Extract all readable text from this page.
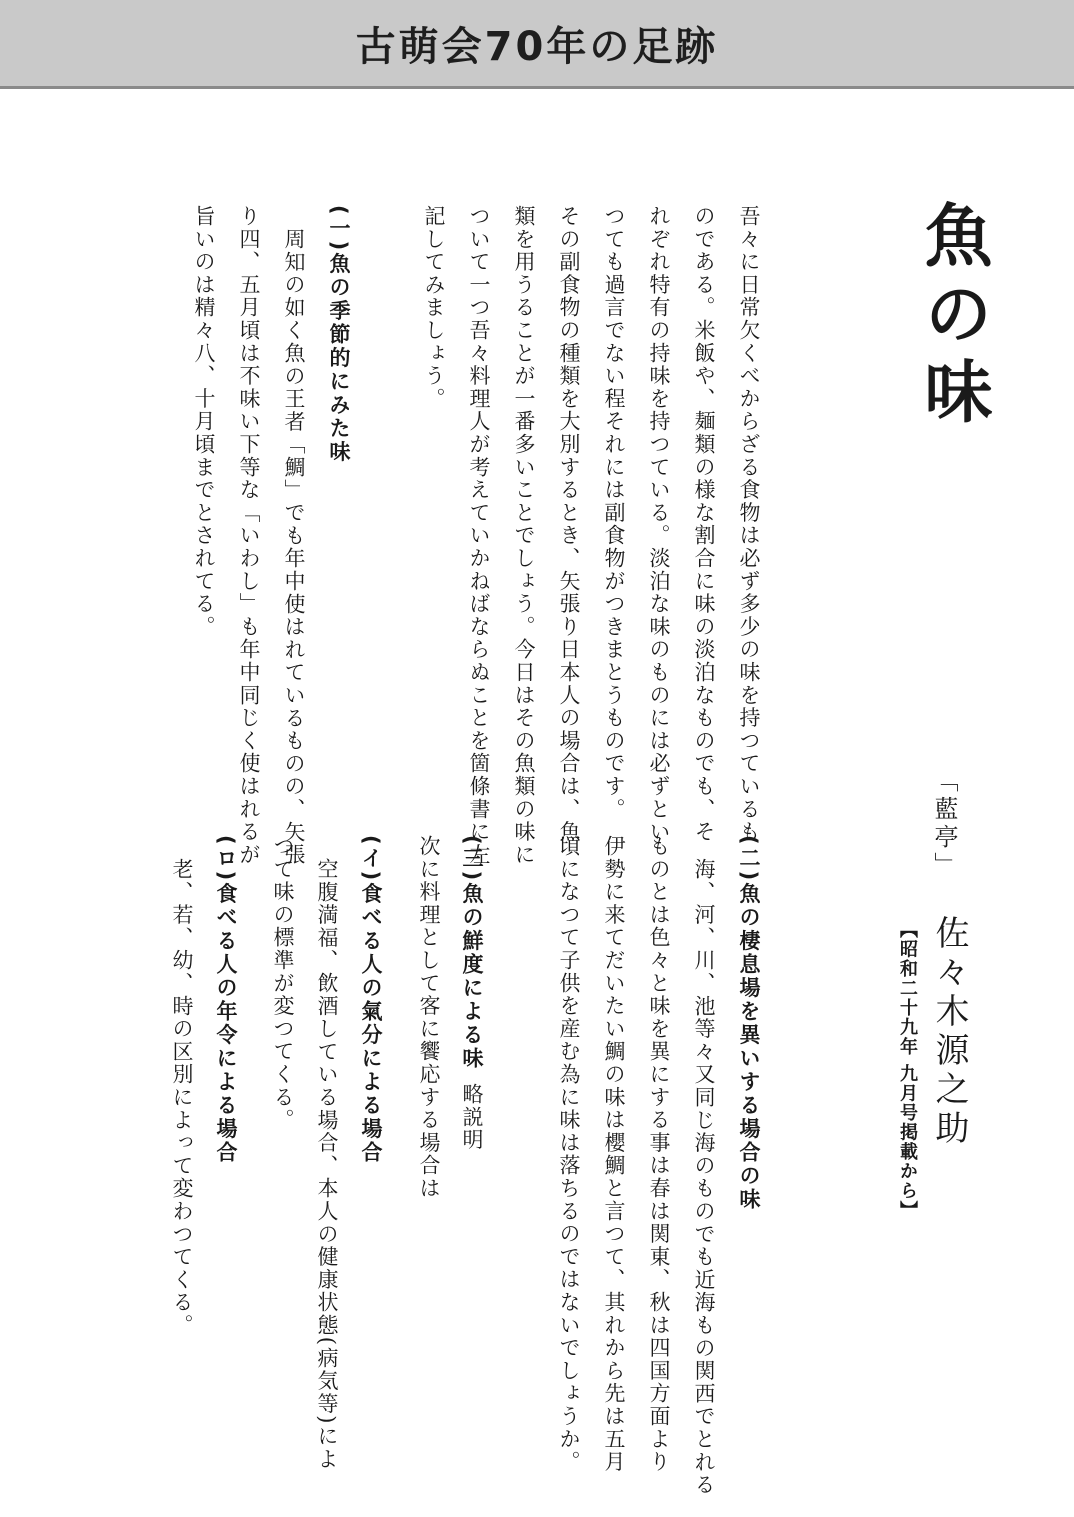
古萌会70年の足跡
魚の味
「藍亭」
佐々木源之助
【昭和二十九年 九月号掲載から】
吾々に日常欠くべからざる食物は必ず多少の味を持つているも
のである。米飯や、麺類の様な割合に味の淡泊なものでも、そ
れぞれ特有の持味を持つている。淡泊な味のものには必ずとい
つても過言でない程それには副食物がつきまとうものです。
その副食物の種類を大別するとき、矢張り日本人の場合は、魚
類を用うることが一番多いことでしょう。今日はその魚類の味に
ついて一つ吾々料理人が考えていかねばならぬことを箇條書に左
記してみましょう。
(一)魚の季節的にみた味
周知の如く魚の王者「鯛」でも年中使はれているものの、矢張
り四、五月頃は不味い下等な「いわし」も年中同じく使はれるが
旨いのは精々八、十月頃までとされてる。
(二)魚の棲息場を異いする場合の味
海、河、川、池等々又同じ海のものでも近海もの関西でとれる
ものとは色々と味を異にする事は春は関東、秋は四国方面より
伊勢に来てだいたい鯛の味は櫻鯛と言つて、其れから先は五月
頃になつて子供を産む為に味は落ちるのではないでしょうか。
(三)魚の鮮度による味
略説明
次に料理として客に饗応する場合は
(イ)食べる人の氣分による場合
空腹満福、飲酒している場合、本人の健康状態(病気等)によ
つて味の標準が変つてくる。
(ロ)食べる人の年令による場合
老、若、幼、時の区別によって変わつてくる。
